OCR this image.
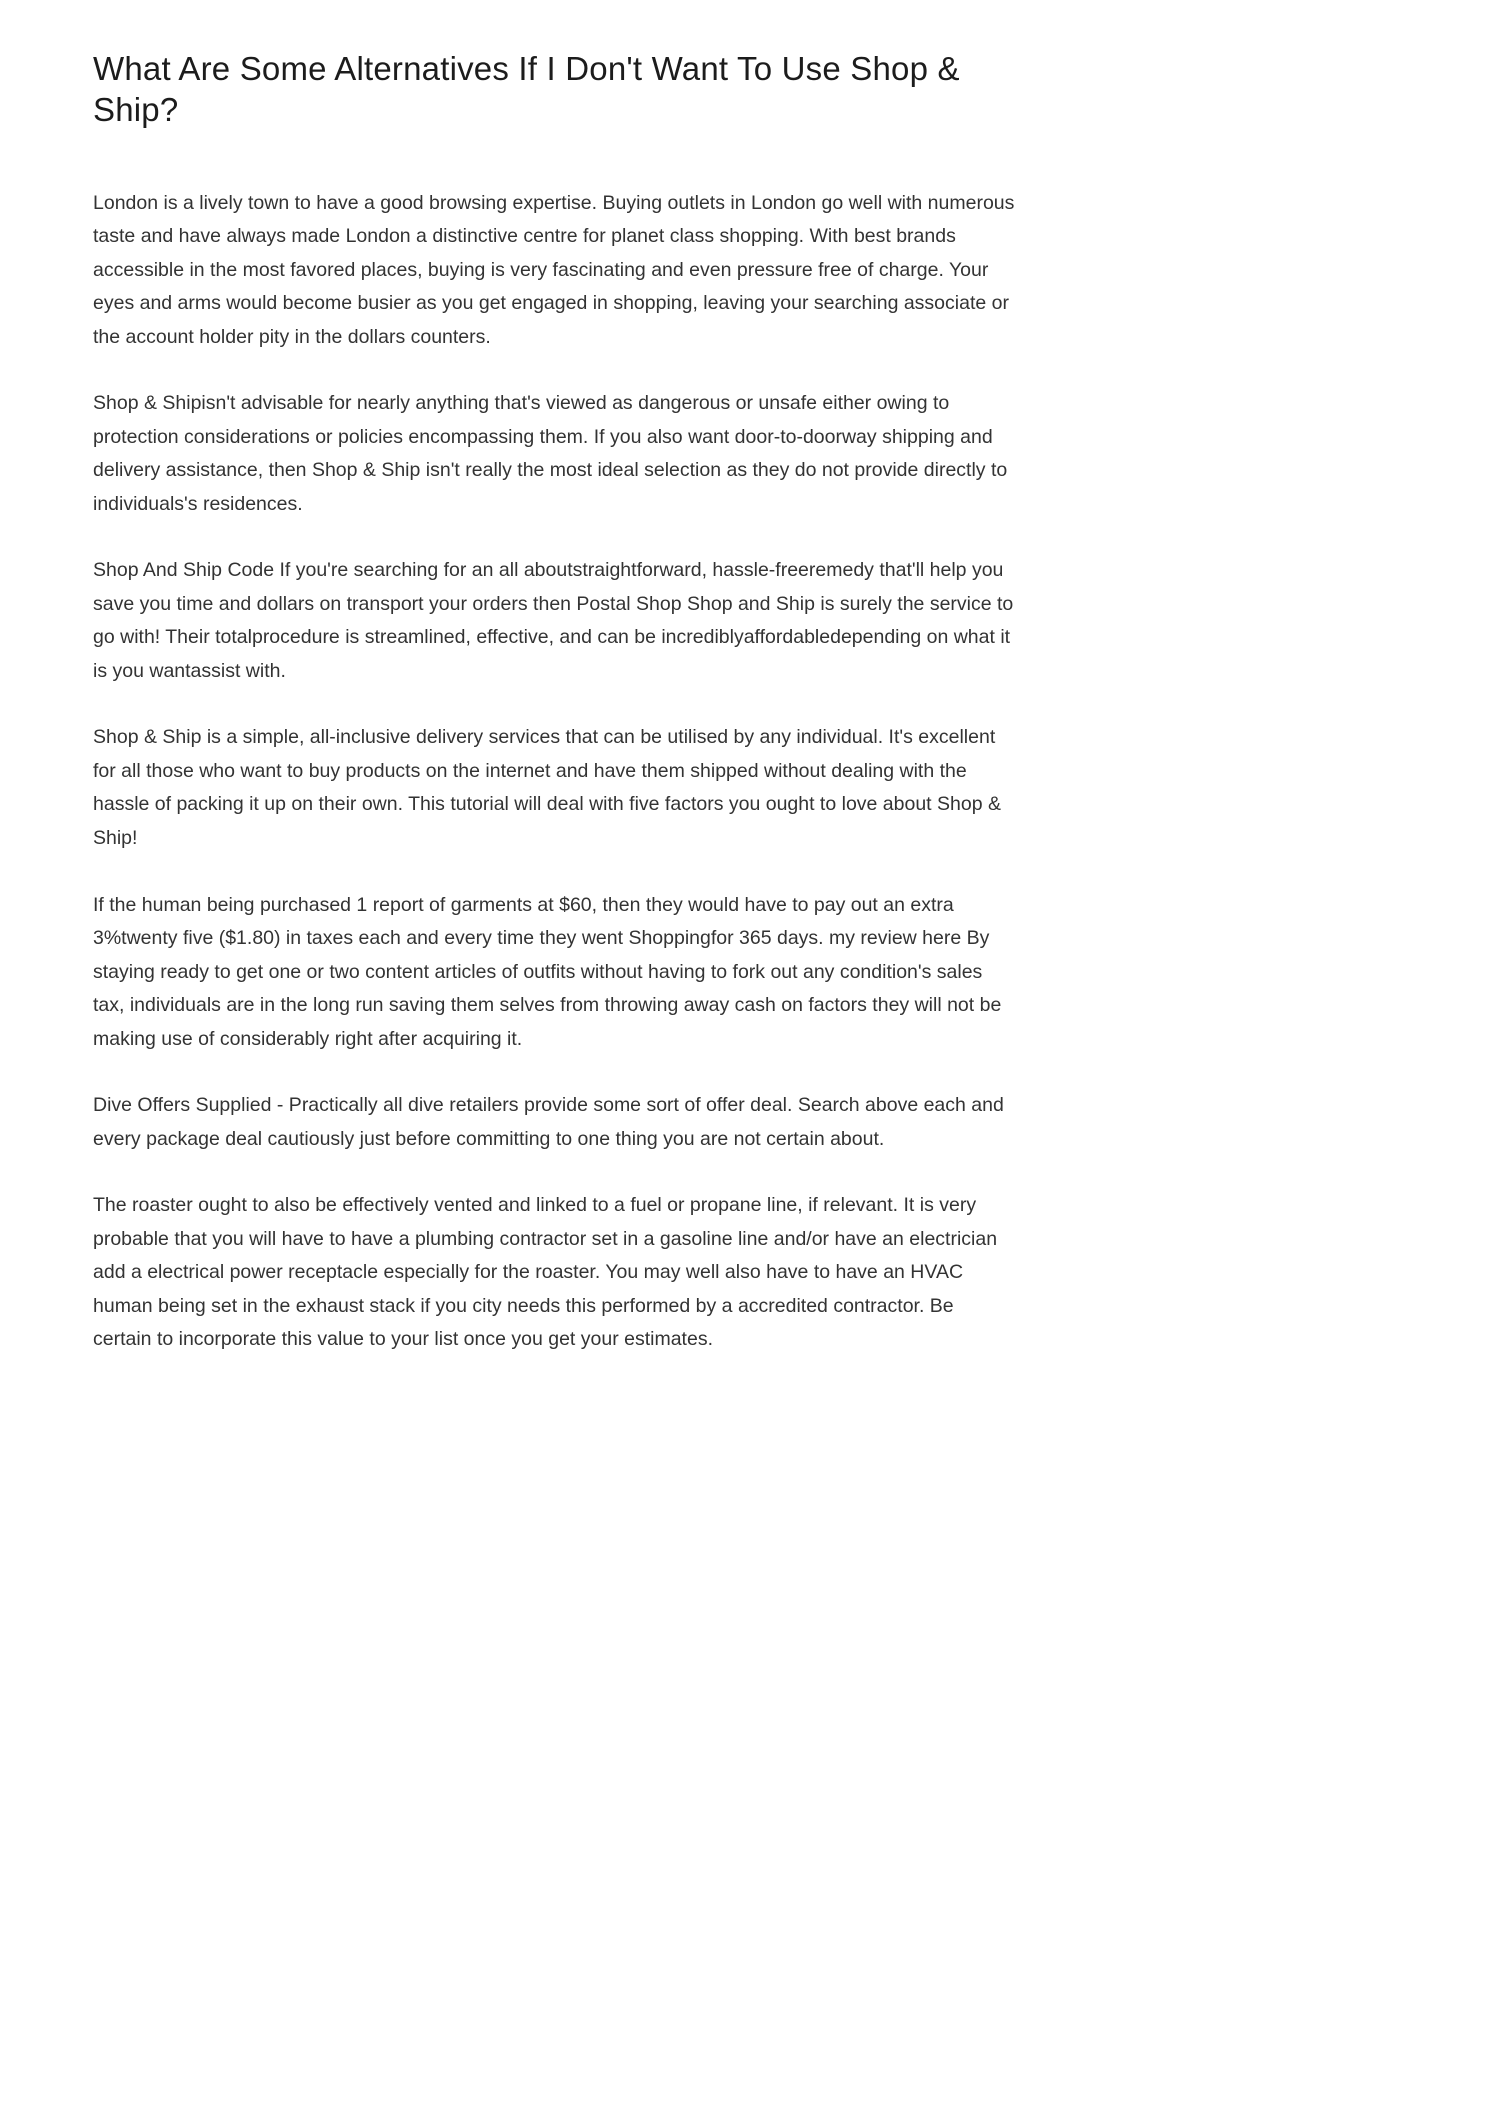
What Are Some Alternatives If I Don't Want To Use Shop & Ship?

London is a lively town to have a good browsing expertise. Buying outlets in London go well with numerous taste and have always made London a distinctive centre for planet class shopping. With best brands accessible in the most favored places, buying is very fascinating and even pressure free of charge. Your eyes and arms would become busier as you get engaged in shopping, leaving your searching associate or the account holder pity in the dollars counters.

Shop & Shipisn't advisable for nearly anything that's viewed as dangerous or unsafe either owing to protection considerations or policies encompassing them. If you also want door-to-doorway shipping and delivery assistance, then Shop & Ship isn't really the most ideal selection as they do not provide directly to individuals's residences.

Shop And Ship Code If you're searching for an all aboutstraightforward, hassle-freeremedy that'll help you save you time and dollars on transport your orders then Postal Shop Shop and Ship is surely the service to go with! Their totalprocedure is streamlined, effective, and can be incrediblyaffordabledepending on what it is you wantassist with.

Shop & Ship is a simple, all-inclusive delivery services that can be utilised by any individual. It's excellent for all those who want to buy products on the internet and have them shipped without dealing with the hassle of packing it up on their own. This tutorial will deal with five factors you ought to love about Shop & Ship!

If the human being purchased 1 report of garments at $60, then they would have to pay out an extra 3%twenty five ($1.80) in taxes each and every time they went Shoppingfor 365 days. my review here By staying ready to get one or two content articles of outfits without having to fork out any condition's sales tax, individuals are in the long run saving them selves from throwing away cash on factors they will not be making use of considerably right after acquiring it.

Dive Offers Supplied - Practically all dive retailers provide some sort of offer deal. Search above each and every package deal cautiously just before committing to one thing you are not certain about.

The roaster ought to also be effectively vented and linked to a fuel or propane line, if relevant. It is very probable that you will have to have a plumbing contractor set in a gasoline line and/or have an electrician add a electrical power receptacle especially for the roaster. You may well also have to have an HVAC human being set in the exhaust stack if you city needs this performed by a accredited contractor. Be certain to incorporate this value to your list once you get your estimates.
